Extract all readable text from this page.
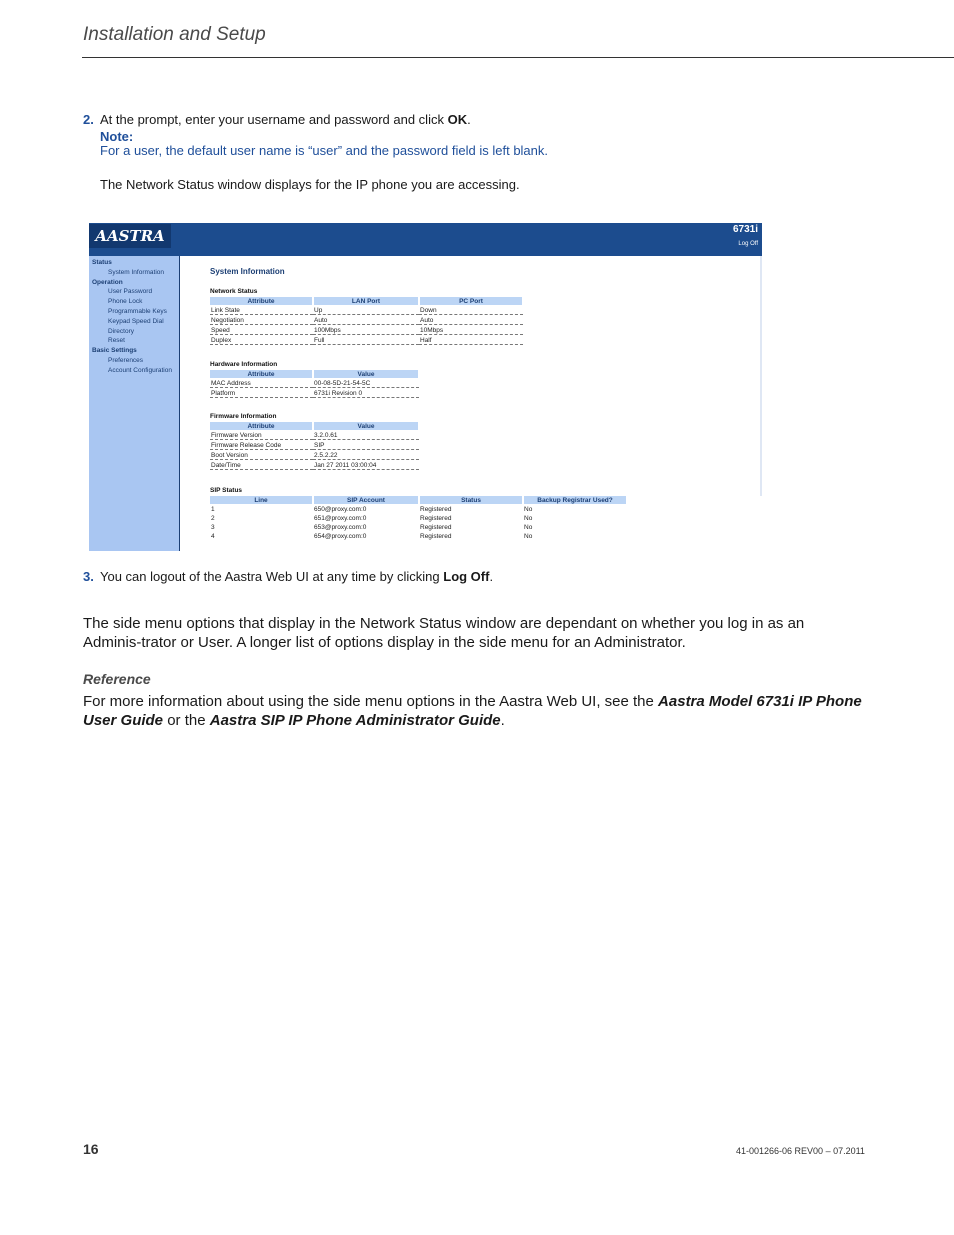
Installation and Setup
2. At the prompt, enter your username and password and click OK.
Note:
For a user, the default user name is “user” and the password field is left blank.
The Network Status window displays for the IP phone you are accessing.
AASTRA	6731i
Log Off
Status
System Information
Operation
User Password
Phone Lock
Programmable Keys
Keypad Speed Dial
Directory
Reset
Basic Settings
Preferences
Account Configuration
System Information
Network Status
Attribute	LAN Port	PC Port
Link State	Up	Down
Negotiation	Auto	Auto
Speed	100Mbps	10Mbps
Duplex	Full	Half
Hardware Information
Attribute	Value
MAC Address	00-08-5D-21-54-5C
Platform	6731i Revision 0
Firmware Information
Attribute	Value
Firmware Version	3.2.0.61
Firmware Release Code	SIP
Boot Version	2.5.2.22
Date/Time	Jan 27 2011 03:00:04
SIP Status
Line	SIP Account	Status	Backup Registrar Used?
1	650@proxy.com:0	Registered	No
2	651@proxy.com:0	Registered	No
3	653@proxy.com:0	Registered	No
4	654@proxy.com:0	Registered	No
3. You can logout of the Aastra Web UI at any time by clicking Log Off.
The side menu options that display in the Network Status window are dependant on whether you log in as an Adminis-trator or User. A longer list of options display in the side menu for an Administrator.
Reference
For more information about using the side menu options in the Aastra Web UI, see the Aastra Model 6731i IP Phone User Guide or the Aastra SIP IP Phone Administrator Guide.
16	41-001266-06 REV00 – 07.2011
